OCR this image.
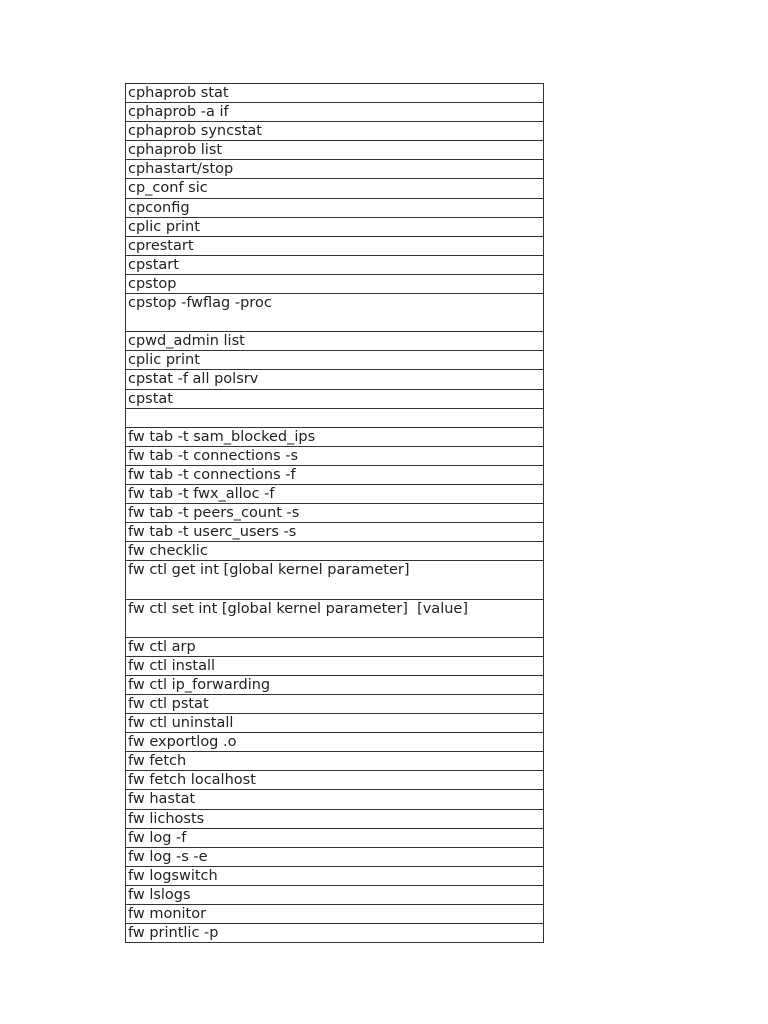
cphaprob stat
cphaprob -a if
cphaprob syncstat
cphaprob list
cphastart/stop
cp_conf sic
cpconfig
cplic print
cprestart
cpstart
cpstop
cpstop -fwflag -proc
cpwd_admin list
cplic print
cpstat -f all polsrv
cpstat

fw tab -t sam_blocked_ips
fw tab -t connections -s
fw tab -t connections -f
fw tab -t fwx_alloc -f
fw tab -t peers_count -s
fw tab -t userc_users -s
fw checklic
fw ctl get int [global kernel parameter]
fw ctl set int [global kernel parameter]  [value]
fw ctl arp
fw ctl install
fw ctl ip_forwarding
fw ctl pstat
fw ctl uninstall
fw exportlog .o
fw fetch
fw fetch localhost
fw hastat
fw lichosts
fw log -f
fw log -s -e
fw logswitch
fw lslogs
fw monitor
fw printlic -p
